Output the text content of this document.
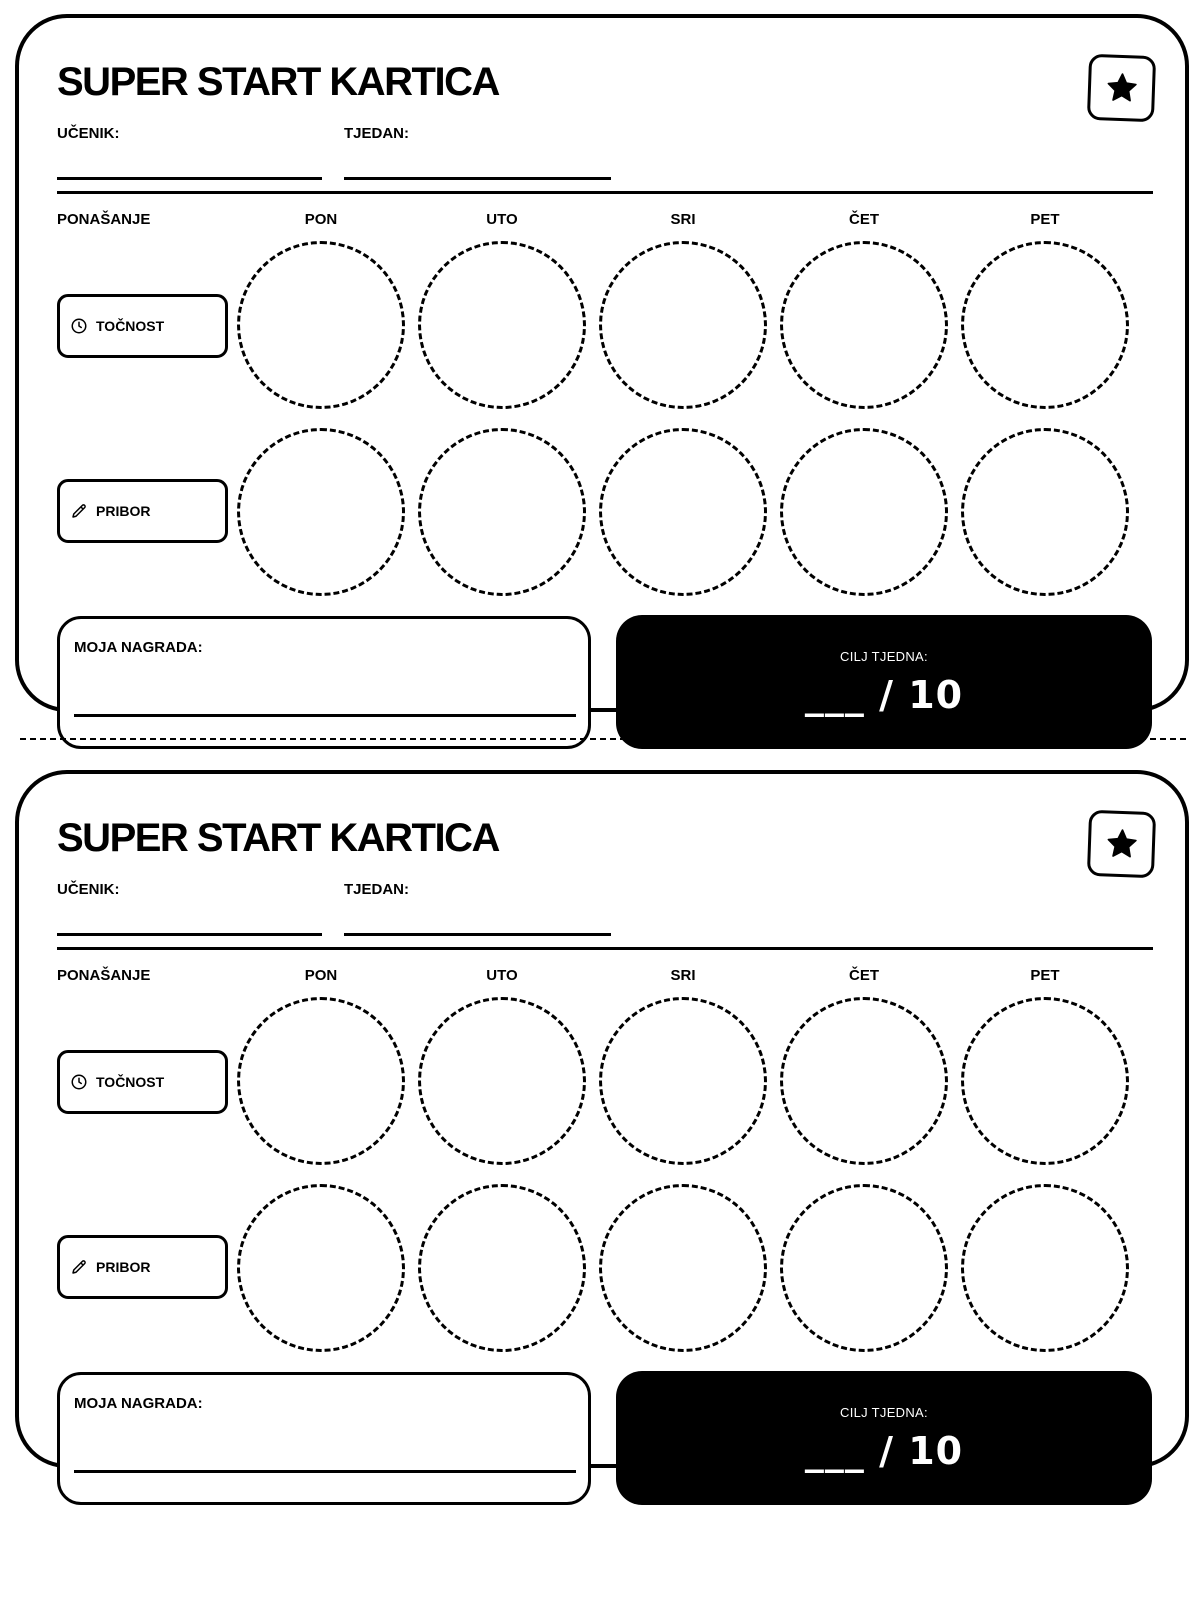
SUPER START KARTICA
UČENIK:	TJEDAN:
PONAŠANJE	PON	UTO	SRI	ČET	PET
TOČNOST
PRIBOR
MOJA NAGRADA:
CILJ TJEDNA:
___ / 10
SUPER START KARTICA
UČENIK:	TJEDAN:
PONAŠANJE	PON	UTO	SRI	ČET	PET
TOČNOST
PRIBOR
MOJA NAGRADA:
CILJ TJEDNA:
___ / 10
